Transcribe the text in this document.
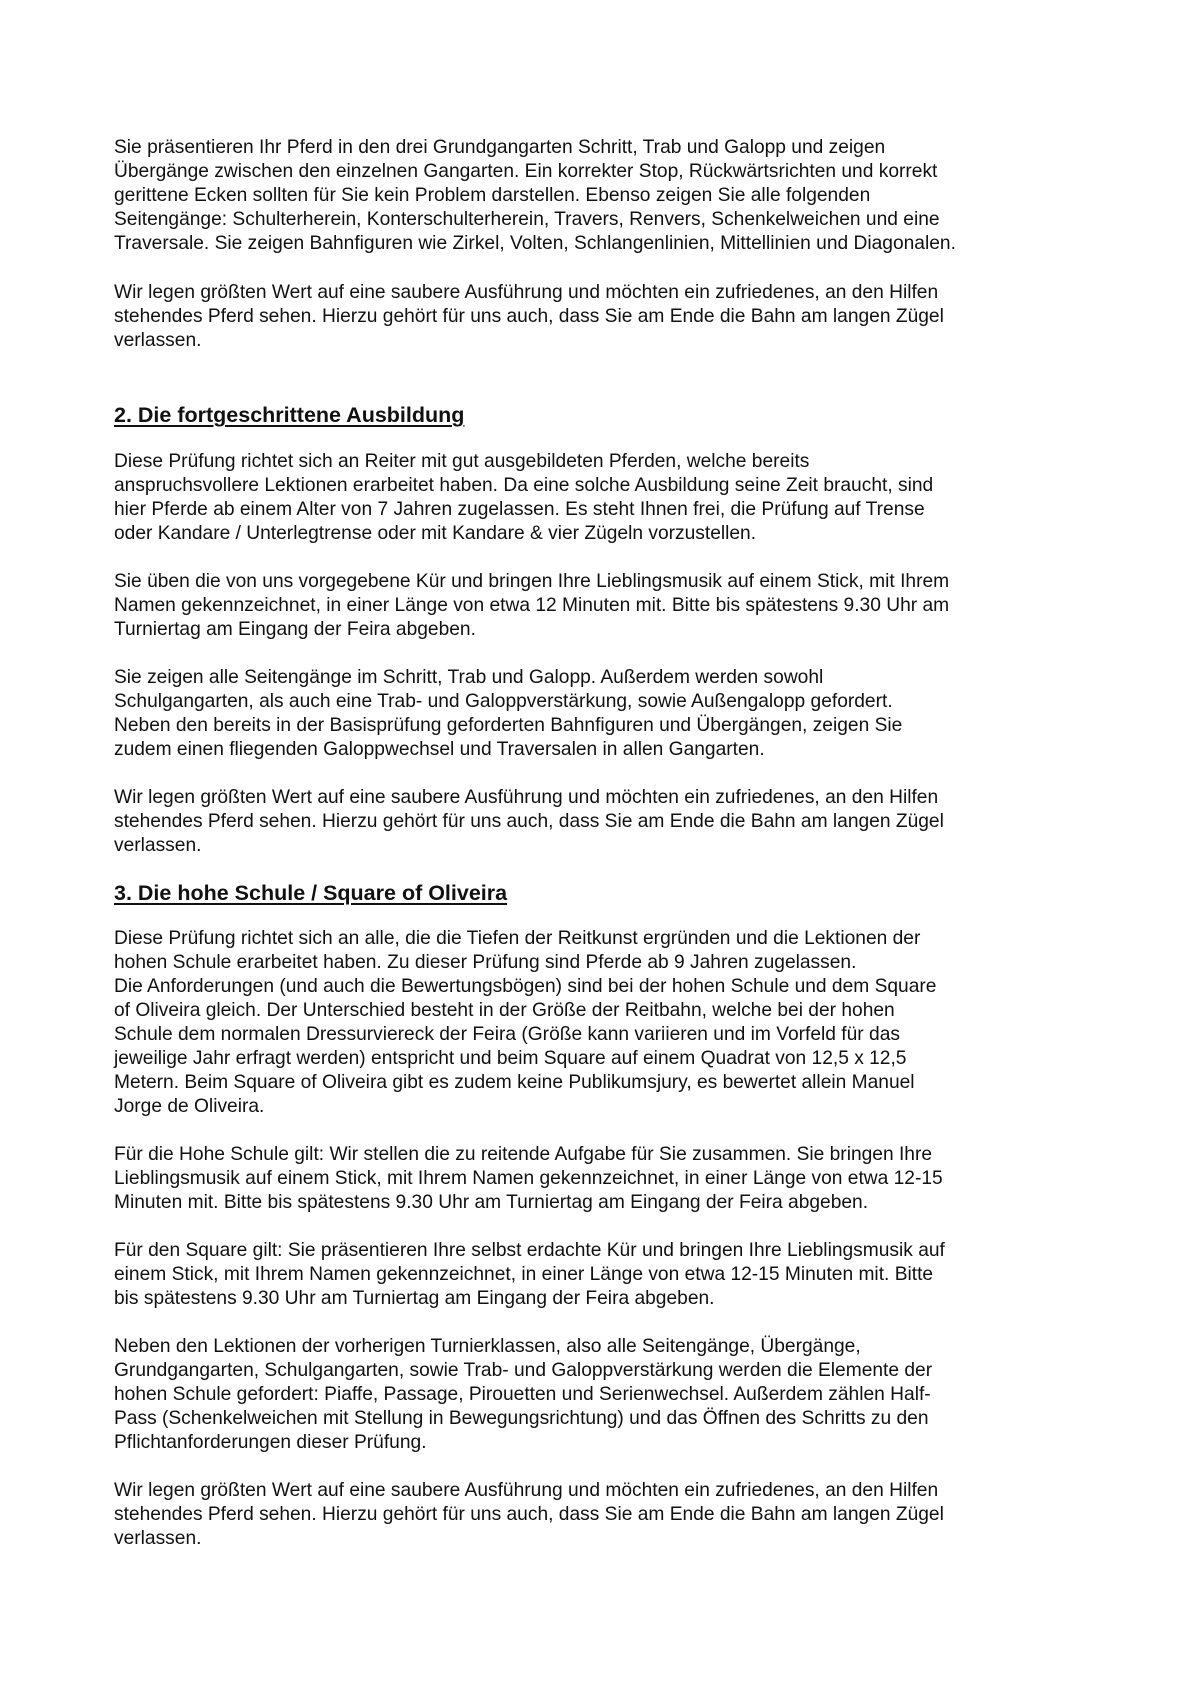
Sie präsentieren Ihr Pferd in den drei Grundgangarten Schritt, Trab und Galopp und zeigen
Übergänge zwischen den einzelnen Gangarten. Ein korrekter Stop, Rückwärtsrichten und korrekt
gerittene Ecken sollten für Sie kein Problem darstellen. Ebenso zeigen Sie alle folgenden
Seitengänge: Schulterherein, Konterschulterherein, Travers, Renvers, Schenkelweichen und eine
Traversale. Sie zeigen Bahnfiguren wie Zirkel, Volten, Schlangenlinien, Mittellinien und Diagonalen.

Wir legen größten Wert auf eine saubere Ausführung und möchten ein zufriedenes, an den Hilfen
stehendes Pferd sehen. Hierzu gehört für uns auch, dass Sie am Ende die Bahn am langen Zügel
verlassen.

2. Die fortgeschrittene Ausbildung

Diese Prüfung richtet sich an Reiter mit gut ausgebildeten Pferden, welche bereits
anspruchsvollere Lektionen erarbeitet haben. Da eine solche Ausbildung seine Zeit braucht, sind
hier Pferde ab einem Alter von 7 Jahren zugelassen. Es steht Ihnen frei, die Prüfung auf Trense
oder Kandare / Unterlegtrense oder mit Kandare & vier Zügeln vorzustellen.

Sie üben die von uns vorgegebene Kür und bringen Ihre Lieblingsmusik auf einem Stick, mit Ihrem
Namen gekennzeichnet, in einer Länge von etwa 12 Minuten mit. Bitte bis spätestens 9.30 Uhr am
Turniertag am Eingang der Feira abgeben.

Sie zeigen alle Seitengänge im Schritt, Trab und Galopp. Außerdem werden sowohl
Schulgangarten, als auch eine Trab- und Galoppverstärkung, sowie Außengalopp gefordert.
Neben den bereits in der Basisprüfung geforderten Bahnfiguren und Übergängen, zeigen Sie
zudem einen fliegenden Galoppwechsel und Traversalen in allen Gangarten.

Wir legen größten Wert auf eine saubere Ausführung und möchten ein zufriedenes, an den Hilfen
stehendes Pferd sehen. Hierzu gehört für uns auch, dass Sie am Ende die Bahn am langen Zügel
verlassen.

3. Die hohe Schule / Square of Oliveira

Diese Prüfung richtet sich an alle, die die Tiefen der Reitkunst ergründen und die Lektionen der
hohen Schule erarbeitet haben. Zu dieser Prüfung sind Pferde ab 9 Jahren zugelassen.
Die Anforderungen (und auch die Bewertungsbögen) sind bei der hohen Schule und dem Square
of Oliveira gleich. Der Unterschied besteht in der Größe der Reitbahn, welche bei der hohen
Schule dem normalen Dressurviereck der Feira (Größe kann variieren und im Vorfeld für das
jeweilige Jahr erfragt werden) entspricht und beim Square auf einem Quadrat von 12,5 x 12,5
Metern. Beim Square of Oliveira gibt es zudem keine Publikumsjury, es bewertet allein Manuel
Jorge de Oliveira.

Für die Hohe Schule gilt: Wir stellen die zu reitende Aufgabe für Sie zusammen. Sie bringen Ihre
Lieblingsmusik auf einem Stick, mit Ihrem Namen gekennzeichnet, in einer Länge von etwa 12-15
Minuten mit. Bitte bis spätestens 9.30 Uhr am Turniertag am Eingang der Feira abgeben.

Für den Square gilt: Sie präsentieren Ihre selbst erdachte Kür und bringen Ihre Lieblingsmusik auf
einem Stick, mit Ihrem Namen gekennzeichnet, in einer Länge von etwa 12-15 Minuten mit. Bitte
bis spätestens 9.30 Uhr am Turniertag am Eingang der Feira abgeben.

Neben den Lektionen der vorherigen Turnierklassen, also alle Seitengänge, Übergänge,
Grundgangarten, Schulgangarten, sowie Trab- und Galoppverstärkung werden die Elemente der
hohen Schule gefordert: Piaffe, Passage, Pirouetten und Serienwechsel. Außerdem zählen Half-
Pass (Schenkelweichen mit Stellung in Bewegungsrichtung) und das Öffnen des Schritts zu den
Pflichtanforderungen dieser Prüfung.

Wir legen größten Wert auf eine saubere Ausführung und möchten ein zufriedenes, an den Hilfen
stehendes Pferd sehen. Hierzu gehört für uns auch, dass Sie am Ende die Bahn am langen Zügel
verlassen.
